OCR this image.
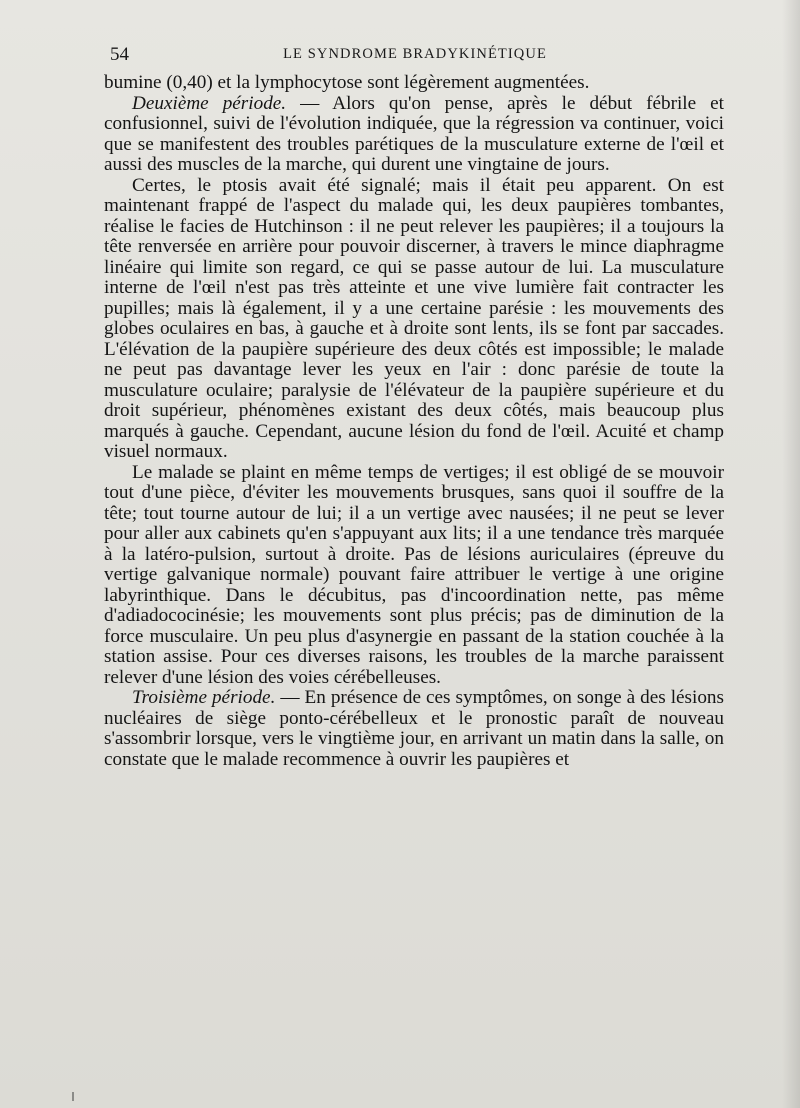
54	LE SYNDROME BRADYKINÉTIQUE

bumine (0,40) et la lymphocytose sont légèrement augmentées.

Deuxième période. — Alors qu'on pense, après le début fébrile et confusionnel, suivi de l'évolution indiquée, que la régression va continuer, voici que se manifestent des troubles parétiques de la musculature externe de l'œil et aussi des muscles de la marche, qui durent une vingtaine de jours.

Certes, le ptosis avait été signalé; mais il était peu apparent. On est maintenant frappé de l'aspect du malade qui, les deux paupières tombantes, réalise le facies de Hutchinson : il ne peut relever les paupières; il a toujours la tête renversée en arrière pour pouvoir discerner, à travers le mince diaphragme linéaire qui limite son regard, ce qui se passe autour de lui. La musculature interne de l'œil n'est pas très atteinte et une vive lumière fait contracter les pupilles; mais là également, il y a une certaine parésie : les mouvements des globes oculaires en bas, à gauche et à droite sont lents, ils se font par saccades. L'élévation de la paupière supérieure des deux côtés est impossible; le malade ne peut pas davantage lever les yeux en l'air : donc parésie de toute la musculature oculaire; paralysie de l'élévateur de la paupière supérieure et du droit supérieur, phénomènes existant des deux côtés, mais beaucoup plus marqués à gauche. Cependant, aucune lésion du fond de l'œil. Acuité et champ visuel normaux.

Le malade se plaint en même temps de vertiges; il est obligé de se mouvoir tout d'une pièce, d'éviter les mouvements brusques, sans quoi il souffre de la tête; tout tourne autour de lui; il a un vertige avec nausées; il ne peut se lever pour aller aux cabinets qu'en s'appuyant aux lits; il a une tendance très marquée à la latéro-pulsion, surtout à droite. Pas de lésions auriculaires (épreuve du vertige galvanique normale) pouvant faire attribuer le vertige à une origine labyrinthique. Dans le décubitus, pas d'incoordination nette, pas même d'adiadococinésie; les mouvements sont plus précis; pas de diminution de la force musculaire. Un peu plus d'asynergie en passant de la station couchée à la station assise. Pour ces diverses raisons, les troubles de la marche paraissent relever d'une lésion des voies cérébelleuses.

Troisième période. — En présence de ces symptômes, on songe à des lésions nucléaires de siège ponto-cérébelleux et le pronostic paraît de nouveau s'assombrir lorsque, vers le vingtième jour, en arrivant un matin dans la salle, on constate que le malade recommence à ouvrir les paupières et
